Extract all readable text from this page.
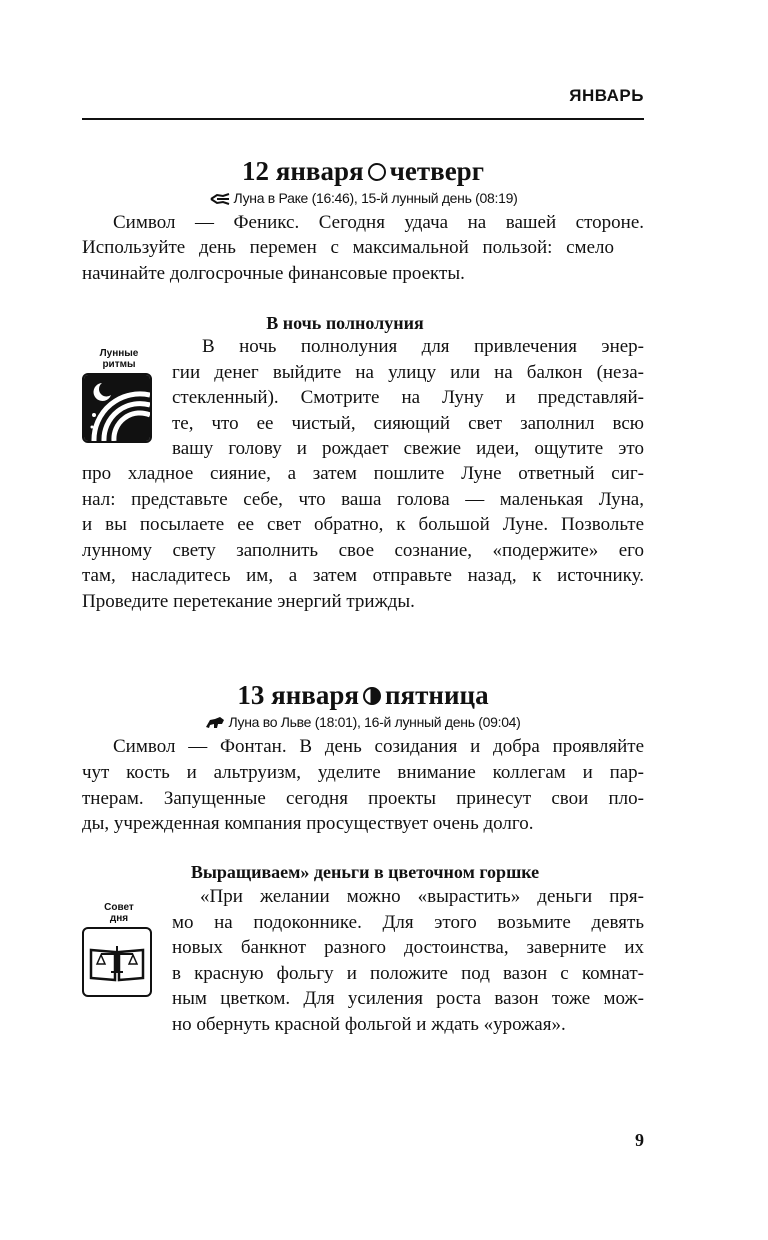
ЯНВАРЬ
12 января четверг
Луна в Раке (16:46), 15-й лунный день (08:19)
Символ — Феникс. Сегодня удача на вашей стороне.
Используйте день перемен с максимальной пользой: смело
начинайте долгосрочные финансовые проекты.
В ночь полнолуния
Лунные
ритмы
В ночь полнолуния для привлечения энер-
гии денег выйдите на улицу или на балкон (неза-
стекленный). Смотрите на Луну и представляй-
те, что ее чистый, сияющий свет заполнил всю
вашу голову и рождает свежие идеи, ощутите это
про хладное сияние, а затем пошлите Луне ответный сиг-
нал: представьте себе, что ваша голова — маленькая Луна,
и вы посылаете ее свет обратно, к большой Луне. Позвольте
лунному свету заполнить свое сознание, «подержите» его
там, насладитесь им, а затем отправьте назад, к источнику.
Проведите перетекание энергий трижды.
13 января пятница
Луна во Льве (18:01), 16-й лунный день (09:04)
Символ — Фонтан. В день созидания и добра проявляйте
чут кость и альтруизм, уделите внимание коллегам и пар-
тнерам. Запущенные сегодня проекты принесут свои пло-
ды, учрежденная компания просуществует очень долго.
Выращиваем» деньги в цветочном горшке
Совет
дня
«При желании можно «вырастить» деньги пря-
мо на подоконнике. Для этого возьмите девять
новых банкнот разного достоинства, заверните их
в красную фольгу и положите под вазон с комнат-
ным цветком. Для усиления роста вазон тоже мож-
но обернуть красной фольгой и ждать «урожая».
9
